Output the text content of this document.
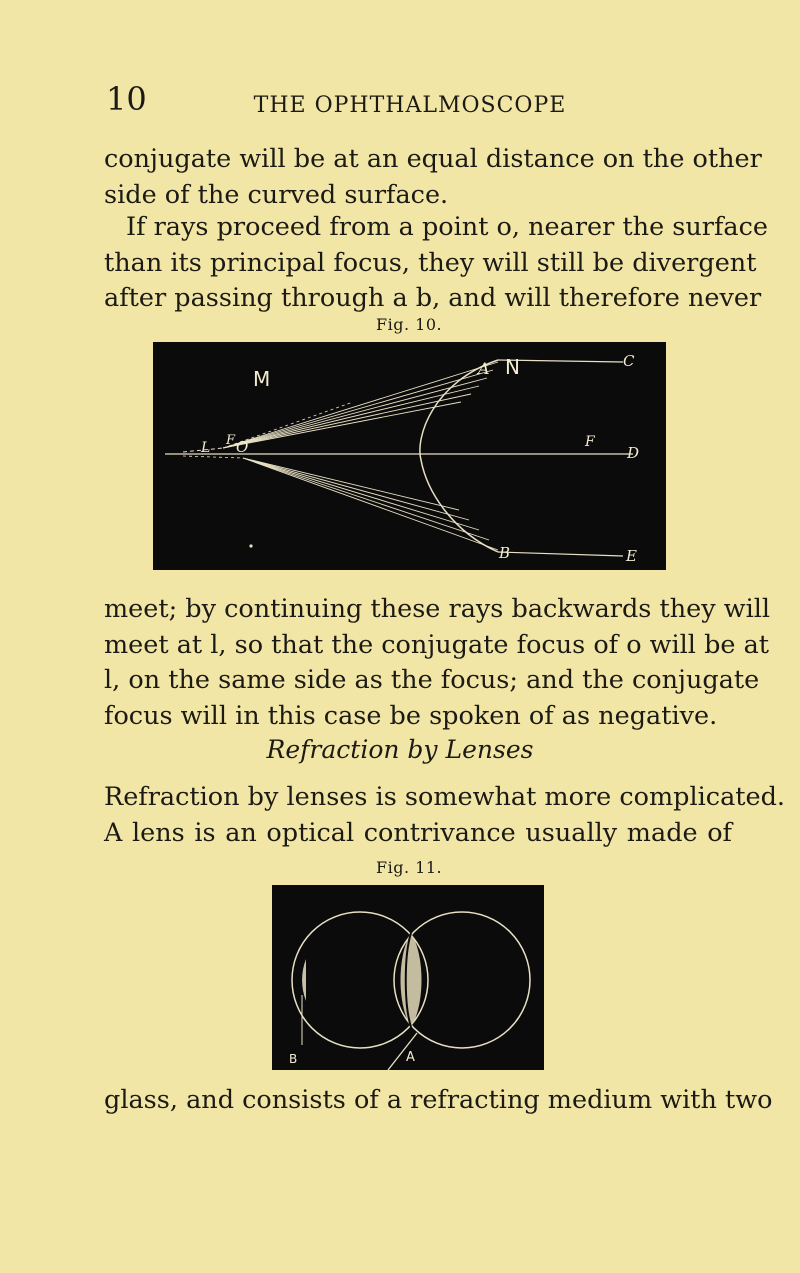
10	THE OPHTHALMOSCOPE
conjugate will be at an equal distance on the other
side of the curved surface.
If rays proceed from a point o, nearer the surface
than its principal focus, they will still be divergent
after passing through a b, and will therefore never
Fig. 10.
M	A N	C
L F O	F
D
B	E
meet; by continuing these rays backwards they will
meet at l, so that the conjugate focus of o will be at
l, on the same side as the focus; and the conjugate
focus will in this case be spoken of as negative.
Refraction by Lenses
Refraction by lenses is somewhat more complicated.
A lens is an optical contrivance usually made of
Fig. 11.
B	A
glass, and consists of a refracting medium with two
